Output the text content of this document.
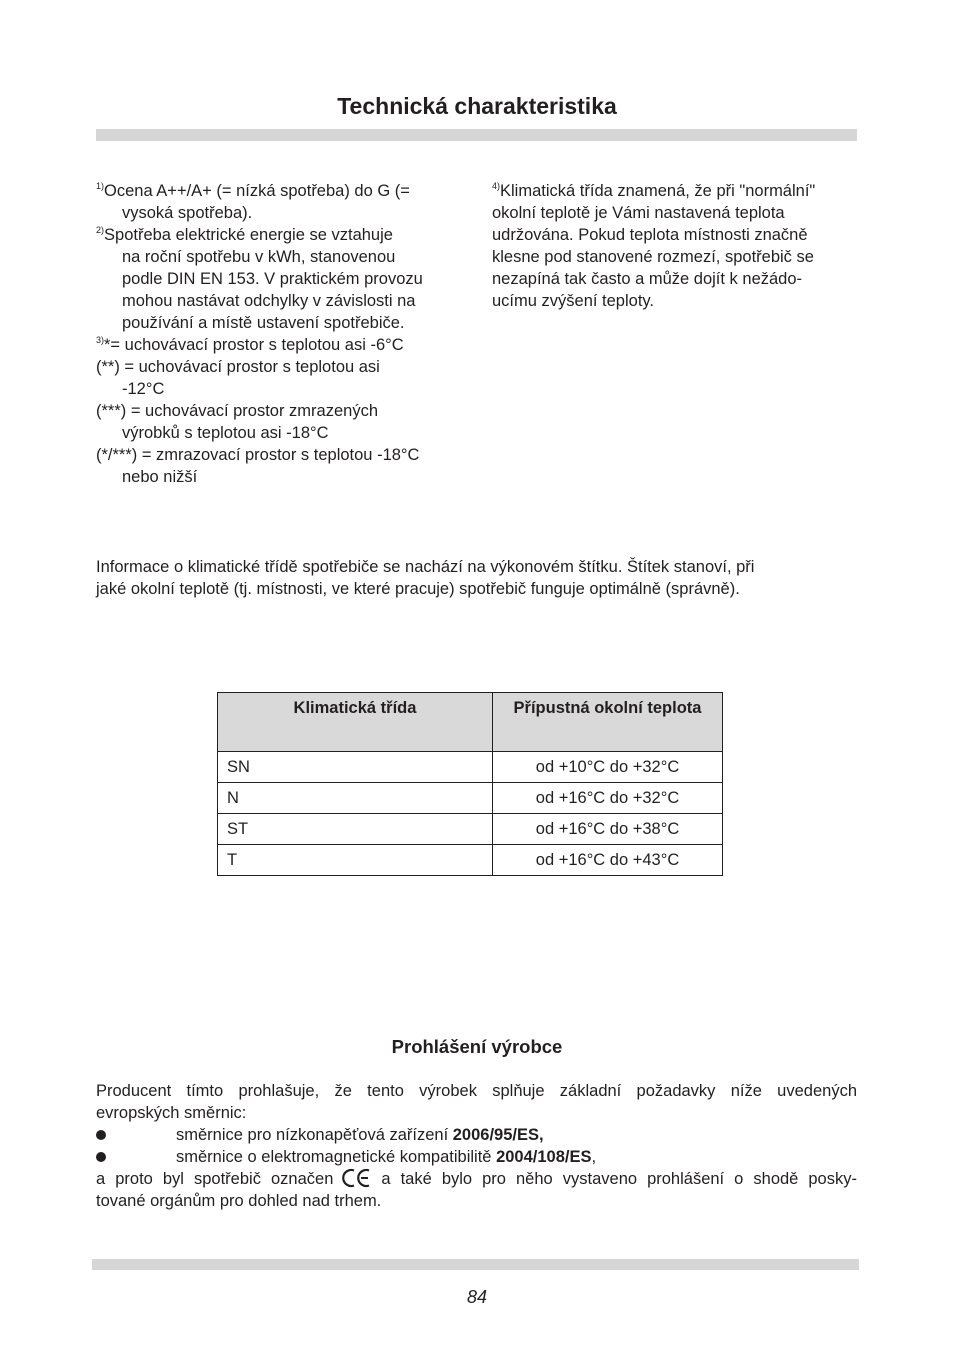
Technická charakteristika

$^{1)}$Ocena A++/A+ (= nízká spotřeba) do G (=
vysoká spotřeba).

$^{2)}$Spotřeba elektrické energie se vztahuje
na roční spotřebu v kWh, stanovenou
podle DIN EN 153. V praktickém provozu
mohou nastávat odchylky v závislosti na
používání a místě ustavení spotřebiče.

$^{3)}$*= uchovávací prostor s teplotou asi -6°C

(**) = uchovávací prostor s teplotou asi
-12°C

(***) = uchovávací prostor zmrazených
výrobků s teplotou asi -18°C

(*/***) = zmrazovací prostor s teplotou -18°C
nebo nižší

$^{4)}$Klimatická třída znamená, že při "normální"
okolní teplotě je Vámi nastavená teplota
udržována. Pokud teplota místnosti značně
klesne pod stanovené rozmezí, spotřebič se
nezapíná tak často a může dojít k nežádo-
ucímu zvýšení teploty.
Informace o klimatické třídě spotřebiče se nachází na výkonovém štítku. Štítek stanoví, při
jaké okolní teplotě (tj. místnosti, ve které pracuje) spotřebič funguje optimálně (správně).
Klimatická třída	Přípustná okolní teplota
SN	od +10°C do +32°C
N	od +16°C do +32°C
ST	od +16°C do +38°C
T	od +16°C do +43°C
Prohlášení výrobce
Producent tímto prohlašuje, že tento výrobek splňuje základní požadavky níže uvedených
evropských směrnic:
směrnice pro nízkonapěťová zařízení 2006/95/ES,
směrnice o elektromagnetické kompatibilitě 2004/108/ES,
a proto byl spotřebič označen	a také bylo pro něho vystaveno prohlášení o shodě posky-
tované orgánům pro dohled nad trhem.
84
